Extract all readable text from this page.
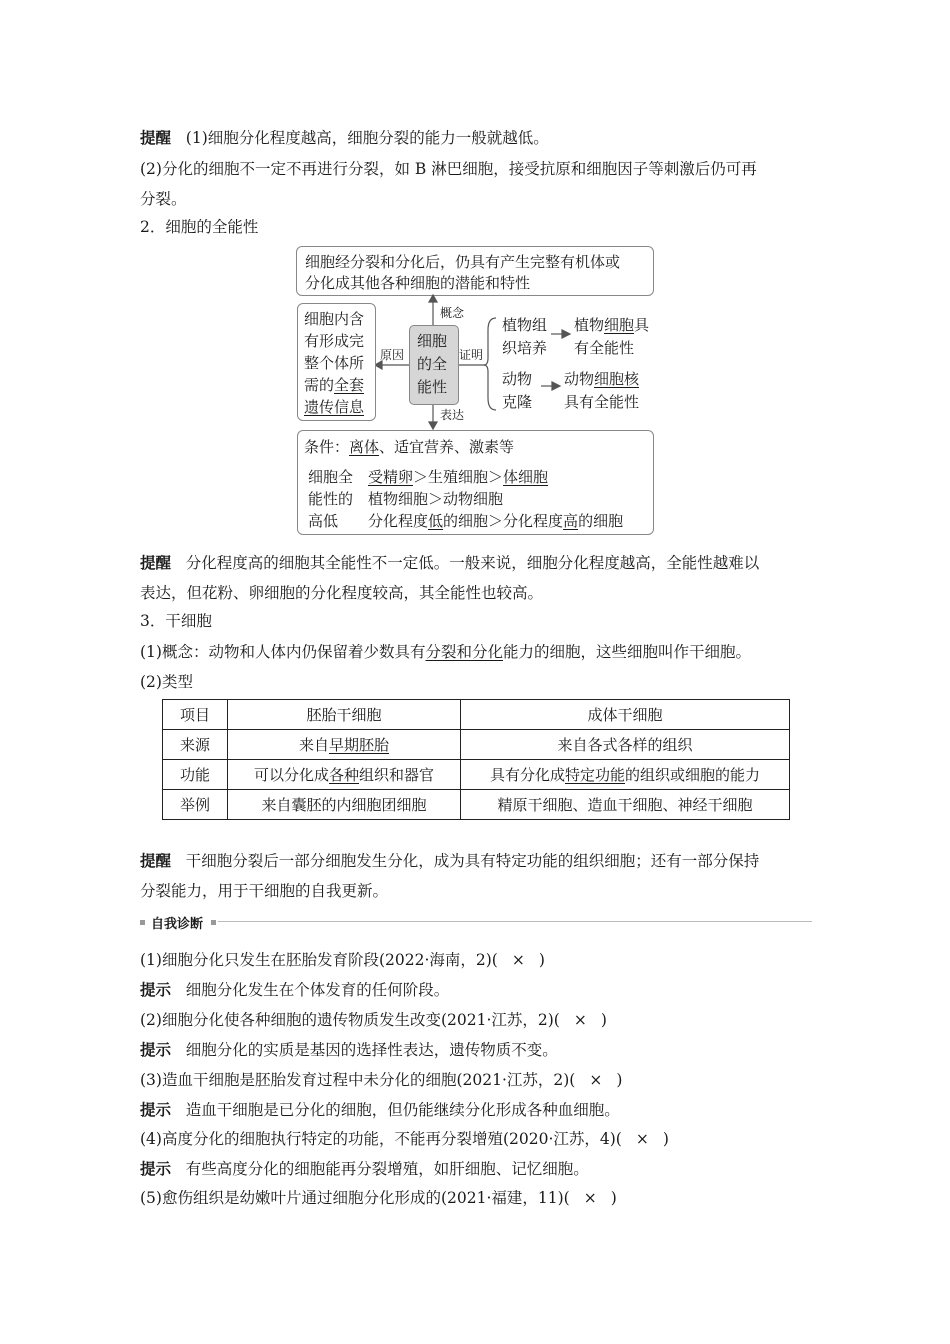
提醒 (1)细胞分化程度越高，细胞分裂的能力一般就越低。
(2)分化的细胞不一定不再进行分裂，如 B 淋巴细胞，接受抗原和细胞因子等刺激后仍可再
分裂。
2．细胞的全能性
细胞经分裂和分化后，仍具有产生完整有机体或
分化成其他各种细胞的潜能和特性
概念
细胞内含
有形成完
整个体所
需的全套
遗传信息
原因
细胞
的全
能性
证明
植物组
织培养
植物细胞具
有全能性
动物
克隆
动物细胞核
具有全能性
表达
条件：离体、适宜营养、激素等
细胞全
能性的
高低
受精卵＞生殖细胞＞体细胞
植物细胞＞动物细胞
分化程度低的细胞＞分化程度高的细胞
提醒 分化程度高的细胞其全能性不一定低。一般来说，细胞分化程度越高，全能性越难以
表达，但花粉、卵细胞的分化程度较高，其全能性也较高。
3．干细胞
(1)概念：动物和人体内仍保留着少数具有分裂和分化能力的细胞，这些细胞叫作干细胞。
(2)类型
项目	胚胎干细胞	成体干细胞
来源	来自早期胚胎	来自各式各样的组织
功能	可以分化成各种组织和器官	具有分化成特定功能的组织或细胞的能力
举例	来自囊胚的内细胞团细胞	精原干细胞、造血干细胞、神经干细胞
提醒 干细胞分裂后一部分细胞发生分化，成为具有特定功能的组织细胞；还有一部分保持
分裂能力，用于干细胞的自我更新。
自我诊断
(1)细胞分化只发生在胚胎发育阶段(2022·海南，2)( × )
提示 细胞分化发生在个体发育的任何阶段。
(2)细胞分化使各种细胞的遗传物质发生改变(2021·江苏，2)( × )
提示 细胞分化的实质是基因的选择性表达，遗传物质不变。
(3)造血干细胞是胚胎发育过程中未分化的细胞(2021·江苏，2)( × )
提示 造血干细胞是已分化的细胞，但仍能继续分化形成各种血细胞。
(4)高度分化的细胞执行特定的功能，不能再分裂增殖(2020·江苏，4)( × )
提示 有些高度分化的细胞能再分裂增殖，如肝细胞、记忆细胞。
(5)愈伤组织是幼嫩叶片通过细胞分化形成的(2021·福建，11)( × )
